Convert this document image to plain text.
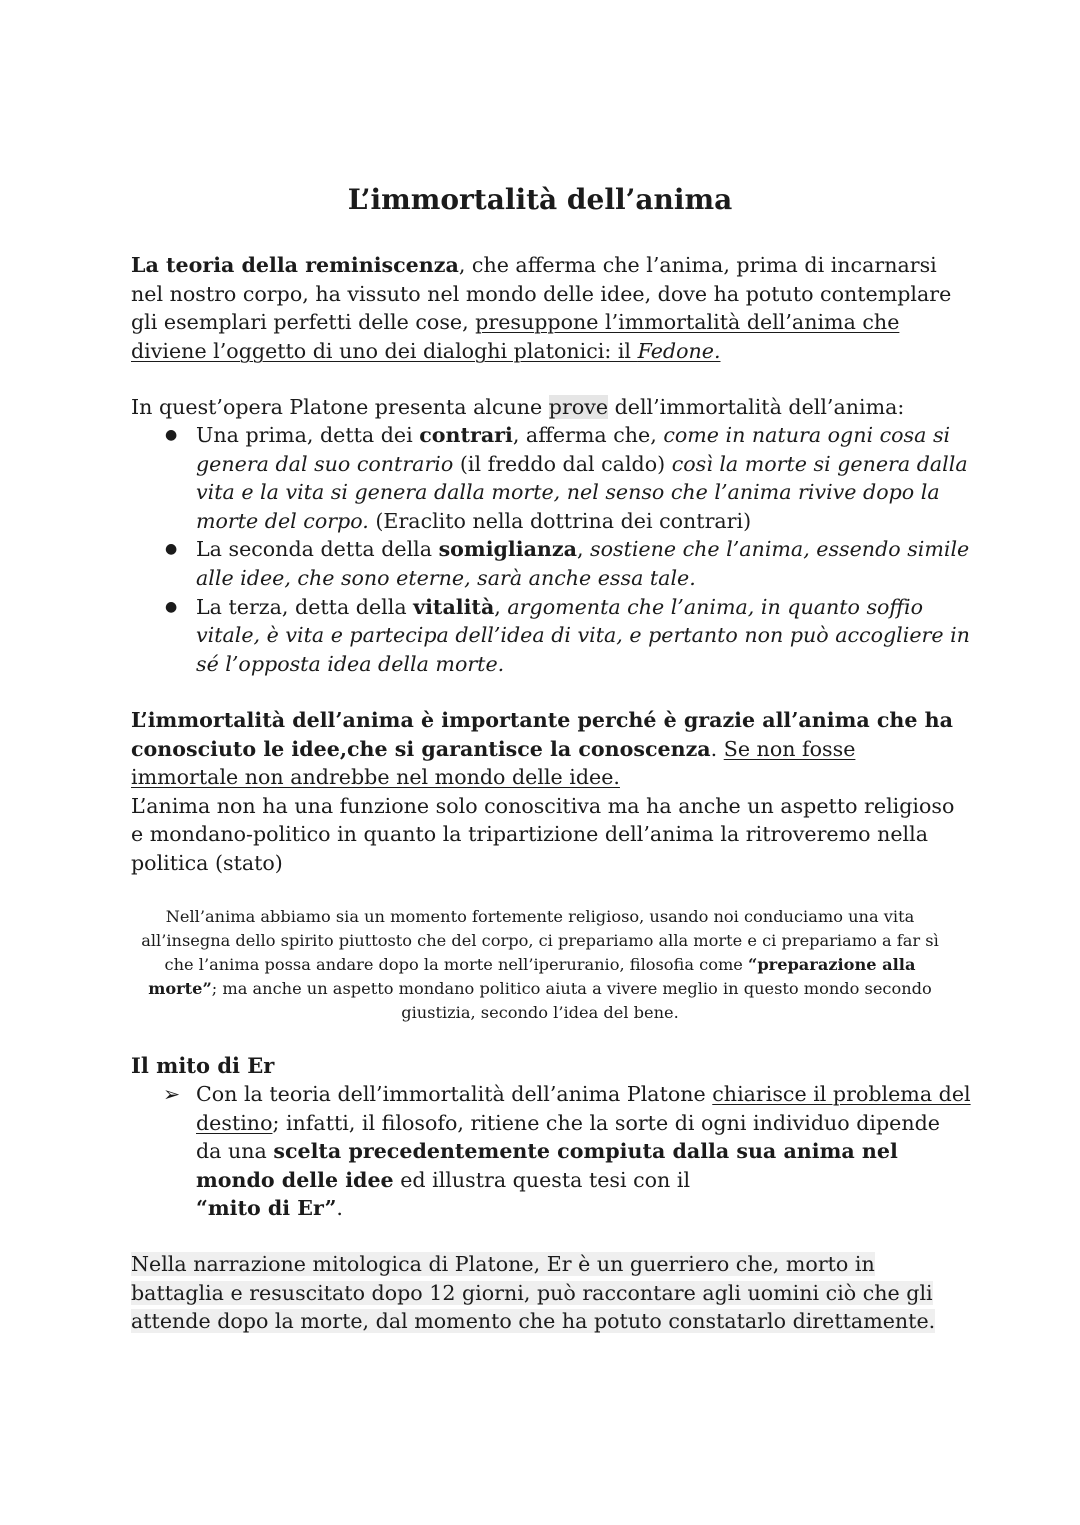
L’immortalità dell’anima

La teoria della reminiscenza, che afferma che l’anima, prima di incarnarsi nel nostro corpo, ha vissuto nel mondo delle idee, dove ha potuto contemplare gli esemplari perfetti delle cose, presuppone l’immortalità dell’anima che diviene l’oggetto di uno dei dialoghi platonici: il Fedone.

In quest’opera Platone presenta alcune prove dell’immortalità dell’anima:

● Una prima, detta dei contrari, afferma che, come in natura ogni cosa si genera dal suo contrario (il freddo dal caldo) così la morte si genera dalla vita e la vita si genera dalla morte, nel senso che l’anima rivive dopo la morte del corpo. (Eraclito nella dottrina dei contrari)
● La seconda detta della somiglianza, sostiene che l’anima, essendo simile alle idee, che sono eterne, sarà anche essa tale.
● La terza, detta della vitalità, argomenta che l’anima, in quanto soffio vitale, è vita e partecipa dell’idea di vita, e pertanto non può accogliere in sé l’opposta idea della morte.

L’immortalità dell’anima è importante perché è grazie all’anima che ha conosciuto le idee,che si garantisce la conoscenza. Se non fosse immortale non andrebbe nel mondo delle idee.
L’anima non ha una funzione solo conoscitiva ma ha anche un aspetto religioso e mondano-politico in quanto la tripartizione dell’anima la ritroveremo nella politica (stato)

Nell’anima abbiamo sia un momento fortemente religioso, usando noi conduciamo una vita all’insegna dello spirito piuttosto che del corpo, ci prepariamo alla morte e ci prepariamo a far sì che l’anima possa andare dopo la morte nell’iperuranio, filosofia come “preparazione alla morte”; ma anche un aspetto mondano politico aiuta a vivere meglio in questo mondo secondo giustizia, secondo l’idea del bene.

Il mito di Er
➢ Con la teoria dell’immortalità dell’anima Platone chiarisce il problema del destino; infatti, il filosofo, ritiene che la sorte di ogni individuo dipende da una scelta precedentemente compiuta dalla sua anima nel mondo delle idee ed illustra questa tesi con il
“mito di Er”.

Nella narrazione mitologica di Platone, Er è un guerriero che, morto in battaglia e resuscitato dopo 12 giorni, può raccontare agli uomini ciò che gli attende dopo la morte, dal momento che ha potuto constatarlo direttamente.
